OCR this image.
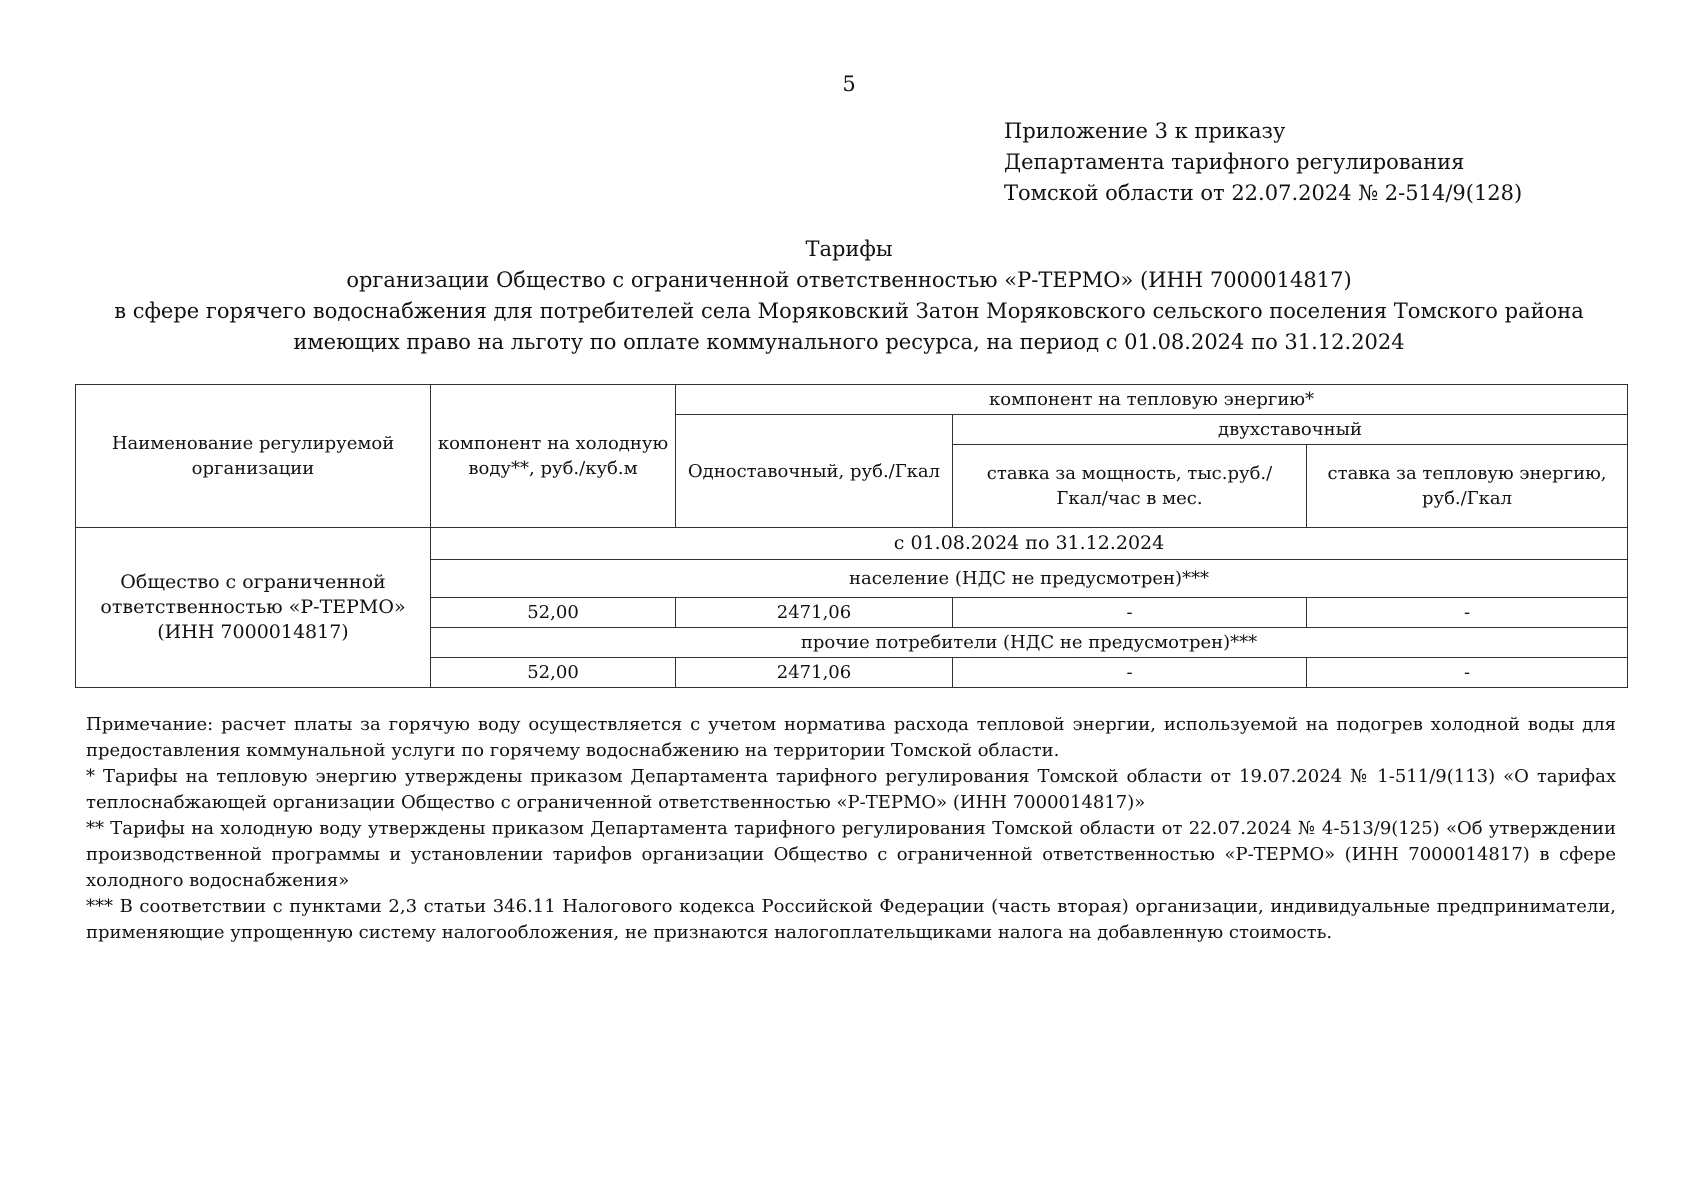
5
Приложение 3 к приказу
Департамента тарифного регулирования
Томской области от 22.07.2024 № 2-514/9(128)
Тарифы
организации Общество с ограниченной ответственностью «Р-ТЕРМО» (ИНН 7000014817)
в сфере горячего водоснабжения для потребителей села Моряковский Затон Моряковского сельского поселения Томского района
имеющих право на льготу по оплате коммунального ресурса, на период с 01.08.2024 по 31.12.2024
Наименование регулируемой организации	компонент на холодную воду**, руб./куб.м	компонент на тепловую энергию*		
		Одноставочный, руб./Гкал	двухставочный	
			ставка за мощность, тыс.руб./ Гкал/час в мес.	ставка за тепловую энергию, руб./Гкал
Общество с ограниченной ответственностью «Р-ТЕРМО» (ИНН 7000014817)	с 01.08.2024 по 31.12.2024			
	население (НДС не предусмотрен)***			
	52,00	2471,06	-	-
	прочие потребители (НДС не предусмотрен)***			
	52,00	2471,06	-	-

Примечание: расчет платы за горячую воду осуществляется с учетом норматива расхода тепловой энергии, используемой на подогрев холодной воды для предоставления коммунальной услуги по горячему водоснабжению на территории Томской области.

* Тарифы на тепловую энергию утверждены приказом Департамента тарифного регулирования Томской области от 19.07.2024 № 1-511/9(113) «О тарифах теплоснабжающей организации Общество с ограниченной ответственностью «Р-ТЕРМО» (ИНН 7000014817)»

** Тарифы на холодную воду утверждены приказом Департамента тарифного регулирования Томской области от 22.07.2024 № 4-513/9(125) «Об утверждении производственной программы и установлении тарифов организации Общество с ограниченной ответственностью «Р-ТЕРМО» (ИНН 7000014817) в сфере холодного водоснабжения»

*** В соответствии с пунктами 2,3 статьи 346.11 Налогового кодекса Российской Федерации (часть вторая) организации, индивидуальные предприниматели, применяющие упрощенную систему налогообложения, не признаются налогоплательщиками налога на добавленную стоимость.
